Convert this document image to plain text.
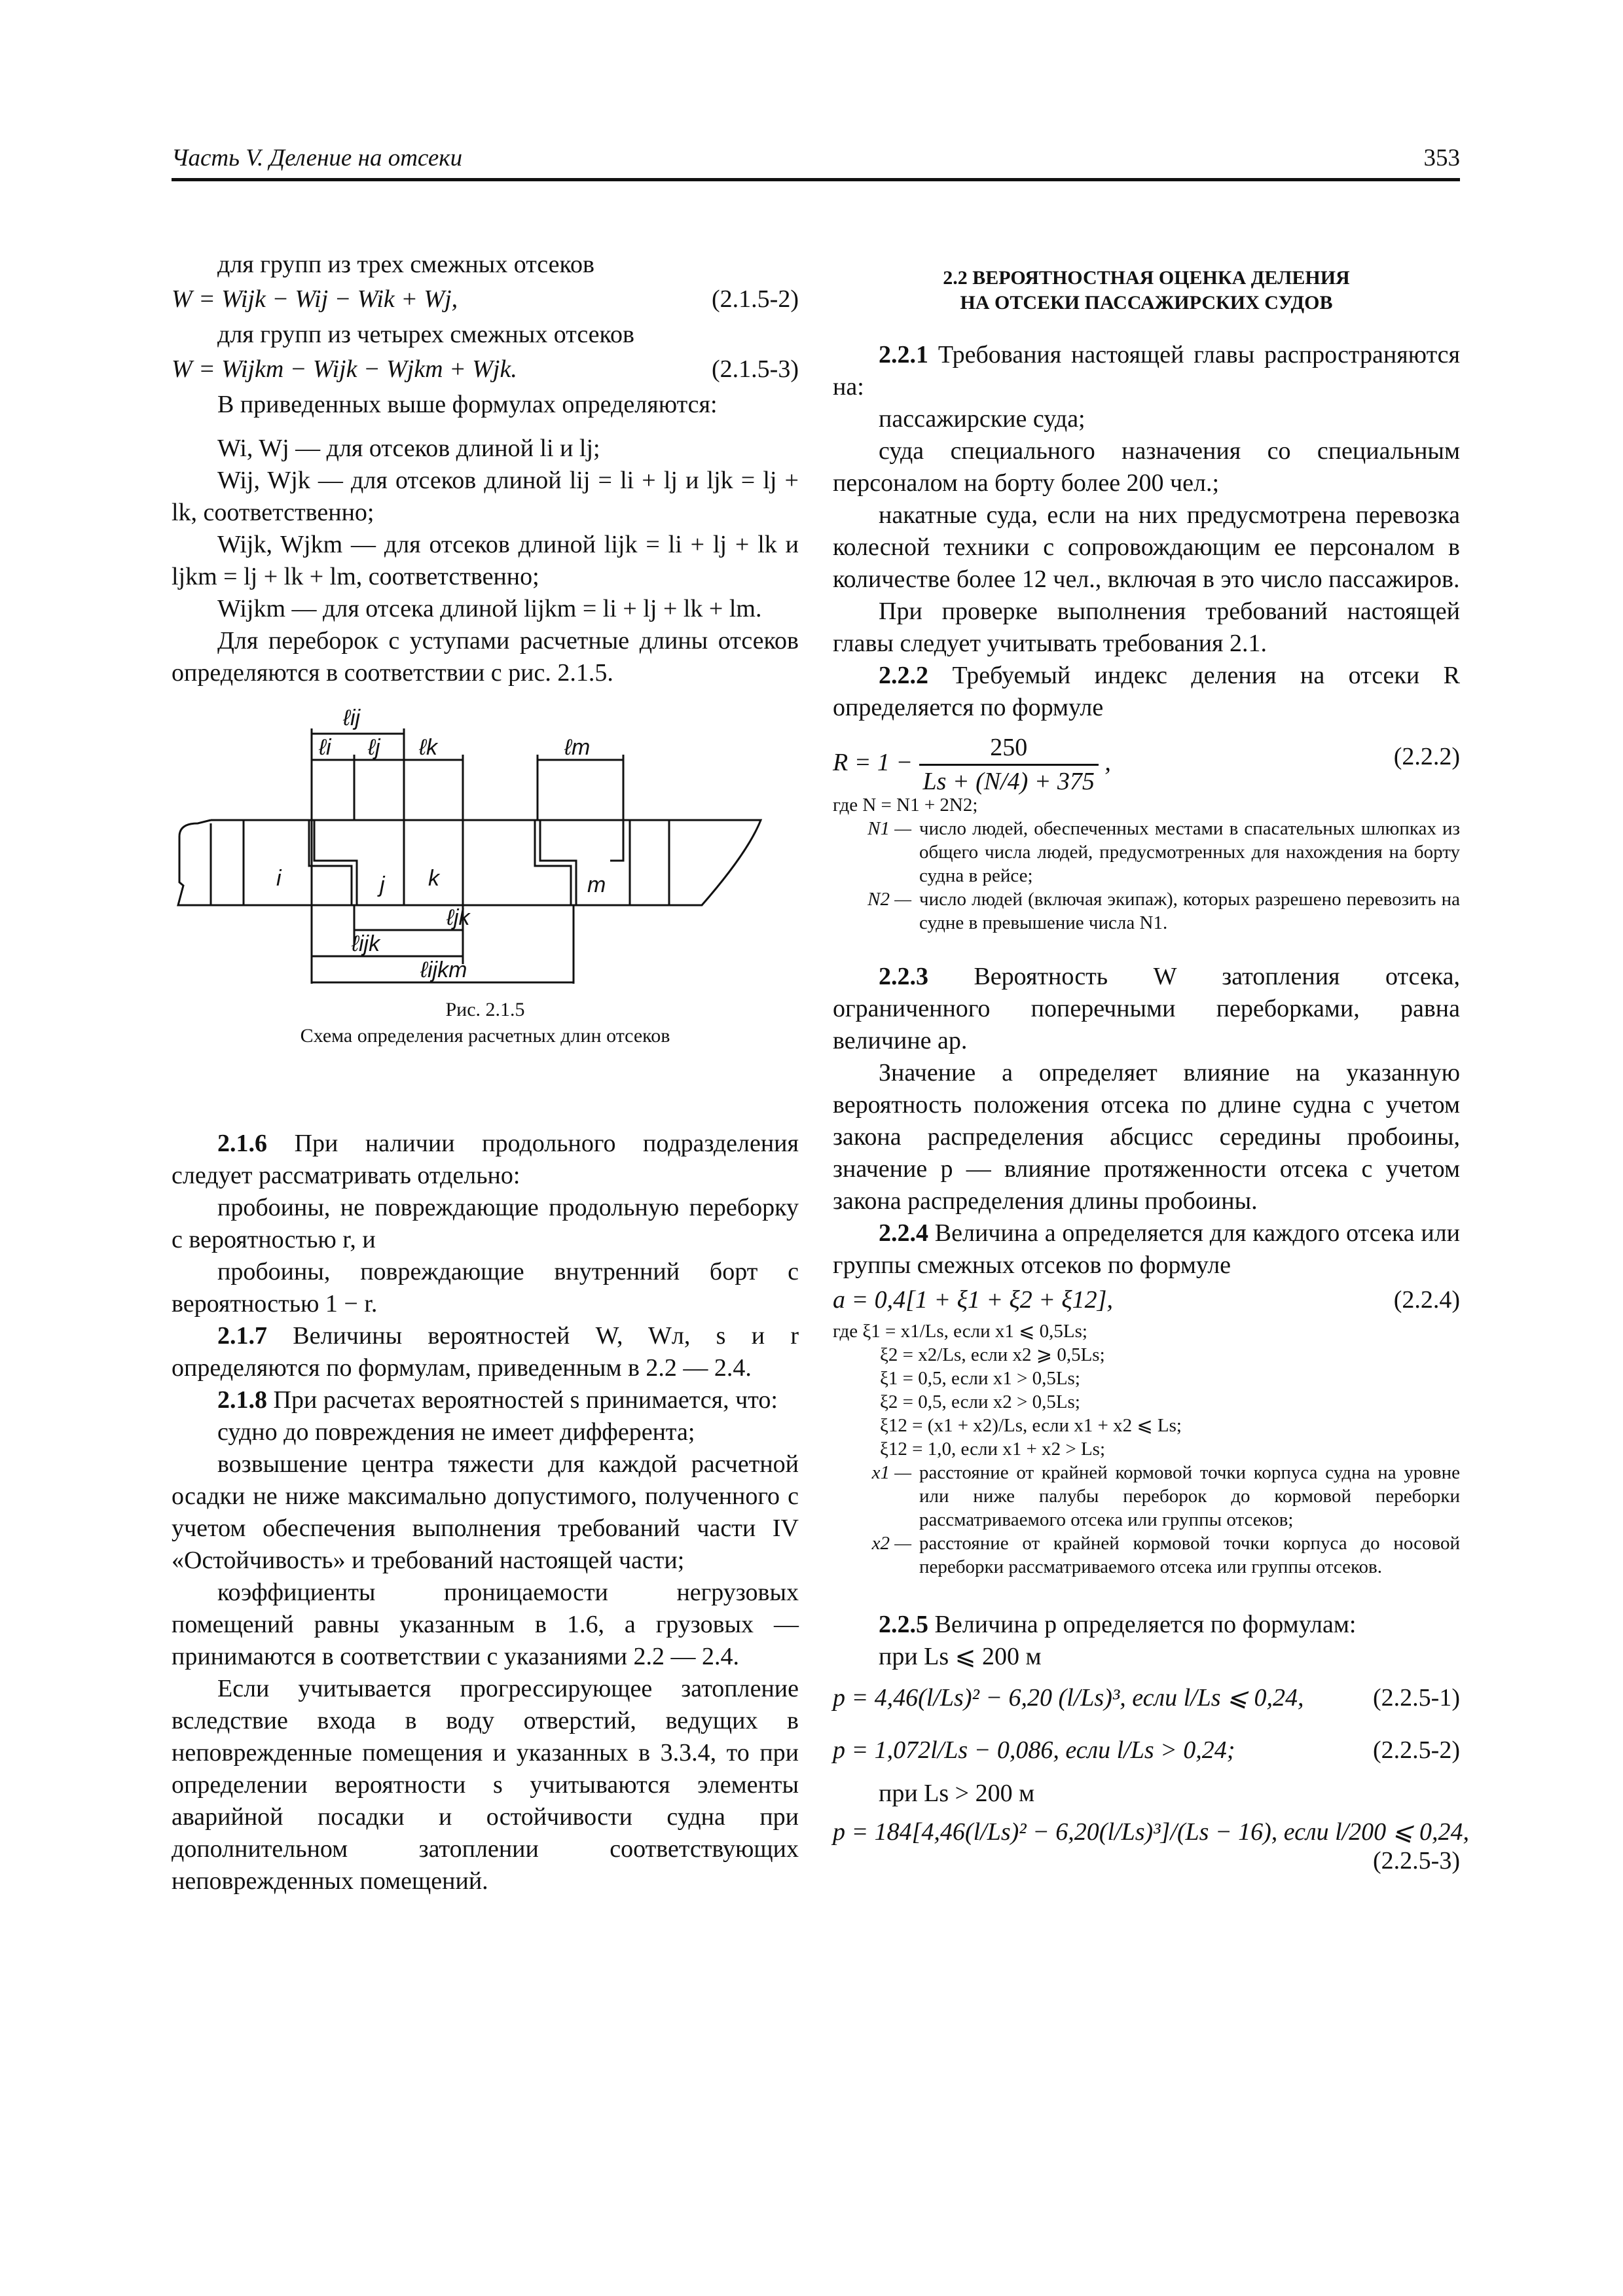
Часть V. Деление на отсеки	353

для групп из трех смежных отсеков

W = Wijk − Wij − Wik + Wj,	(2.1.5-2)

для групп из четырех смежных отсеков

W = Wijkm − Wijk − Wjkm + Wjk.	(2.1.5-3)

В приведенных выше формулах определяются:

Wi, Wj — для отсеков длиной li и lj;

Wij, Wjk — для отсеков длиной lij = li + lj и ljk = lj + lk, соответственно;

Wijk, Wjkm — для отсеков длиной lijk = li + lj + lk и ljkm = lj + lk + lm, соответственно;

Wijkm — для отсека длиной lijkm = li + lj + lk + lm.

Для переборок с уступами расчетные длины отсеков определяются в соответствии с рис. 2.1.5.

ℓij
ℓi ℓj ℓk	ℓm
i	j k	m
ℓjk
ℓijk
ℓijkm
Рис. 2.1.5
Схема определения расчетных длин отсеков

2.1.6 При наличии продольного подразделения следует рассматривать отдельно:

пробоины, не повреждающие продольную переборку с вероятностью r, и

пробоины, повреждающие внутренний борт с вероятностью 1 − r.

2.1.7 Величины вероятностей W, Wл, s и r определяются по формулам, приведенным в 2.2 — 2.4.

2.1.8 При расчетах вероятностей s принимается, что:

судно до повреждения не имеет дифферента;

возвышение центра тяжести для каждой расчетной осадки не ниже максимально допустимого, полученного с учетом обеспечения выполнения требований части IV «Остойчивость» и требований настоящей части;

коэффициенты проницаемости негрузовых помещений равны указанным в 1.6, а грузовых — принимаются в соответствии с указаниями 2.2 — 2.4.

Если учитывается прогрессирующее затопление вследствие входа в воду отверстий, ведущих в неповрежденные помещения и указанных в 3.3.4, то при определении вероятности s учитываются элементы аварийной посадки и остойчивости судна при дополнительном затоплении соответствующих неповрежденных помещений.

2.2 ВЕРОЯТНОСТНАЯ ОЦЕНКА ДЕЛЕНИЯ

НА ОТСЕКИ ПАССАЖИРСКИХ СУДОВ

2.2.1 Требования настоящей главы распространяются на:

пассажирские суда;

суда специального назначения со специальным персоналом на борту более 200 чел.;

накатные суда, если на них предусмотрена перевозка колесной техники с сопровождающим ее персоналом в количестве более 12 чел., включая в это число пассажиров.

При проверке выполнения требований настоящей главы следует учитывать требования 2.1.

2.2.2 Требуемый индекс деления на отсеки R определяется по формуле

$R = 1 - \frac{250}{Ls + (N/4) + 375}$ ,	(2.2.2)
где N = N1 + 2N2;
N1 — число людей, обеспеченных местами в спасательных шлюпках из общего числа людей, предусмотренных для нахождения на борту судна в рейсе;
N2 — число людей (включая экипаж), которых разрешено перевозить на судне в превышение числа N1.

2.2.3 Вероятность W затопления отсека, ограниченного поперечными переборками, равна величине ap.

Значение a определяет влияние на указанную вероятность положения отсека по длине судна с учетом закона распределения абсцисс середины пробоины, значение p — влияние протяженности отсека с учетом закона распределения длины пробоины.

2.2.4 Величина a определяется для каждого отсека или группы смежных отсеков по формуле

a = 0,4[1 + ξ1 + ξ2 + ξ12],	(2.2.4)
где ξ1 = x1/Ls, если x1 ⩽ 0,5Ls;
ξ2 = x2/Ls, если x2 ⩾ 0,5Ls;
ξ1 = 0,5, если x1 > 0,5Ls;
ξ2 = 0,5, если x2 > 0,5Ls;
ξ12 = (x1 + x2)/Ls, если x1 + x2 ⩽ Ls;
ξ12 = 1,0, если x1 + x2 > Ls;
x1 — расстояние от крайней кормовой точки корпуса судна на уровне или ниже палубы переборок до кормовой переборки рассматриваемого отсека или группы отсеков;
x2 — расстояние от крайней кормовой точки корпуса до носовой переборки рассматриваемого отсека или группы отсеков.

2.2.5 Величина p определяется по формулам:

при Ls ⩽ 200 м

p = 4,46(l/Ls)² − 6,20 (l/Ls)³, если l/Ls ⩽ 0,24,	(2.2.5-1)
p = 1,072l/Ls − 0,086, если l/Ls > 0,24;	(2.2.5-2)

при Ls > 200 м

p = 184[4,46(l/Ls)² − 6,20(l/Ls)³]/(Ls − 16), если l/200 ⩽ 0,24,
(2.2.5-3)
